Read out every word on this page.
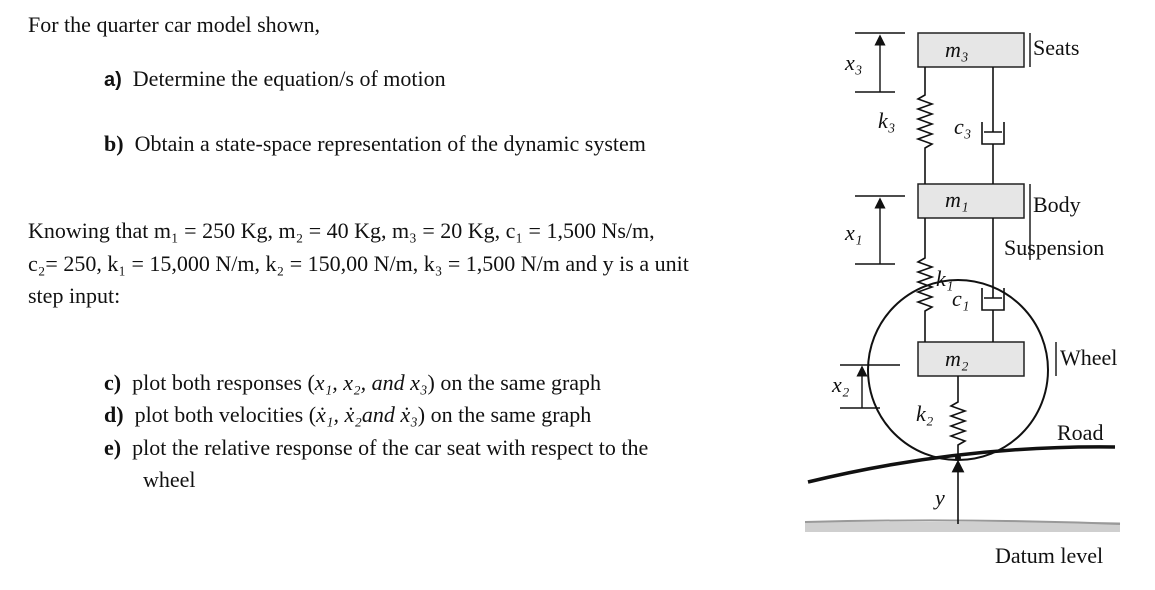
For the quarter car model shown,
a) Determine the equation/s of motion
b) Obtain a state-space representation of the dynamic system
Knowing that m₁ = 250 Kg, m₂ = 40 Kg, m₃ = 20 Kg, c₁ = 1,500 Ns/m,
c₂= 250, k₁ = 15,000 N/m, k₂ = 150,00 N/m, k₃ = 1,500 N/m and y is a unit
step input:
c) plot both responses (x₁, x₂, and x₃) on the same graph
d) plot both velocities (ẋ₁, ẋ₂and ẋ₃) on the same graph
e) plot the relative response of the car seat with respect to the
wheel
m₃
m₁
m₂
k₃	c₃
k₁
c₁
k₂
x₃
x₁
x₂
y
Seats
Body
Suspension
Wheel
Road
Datum level
